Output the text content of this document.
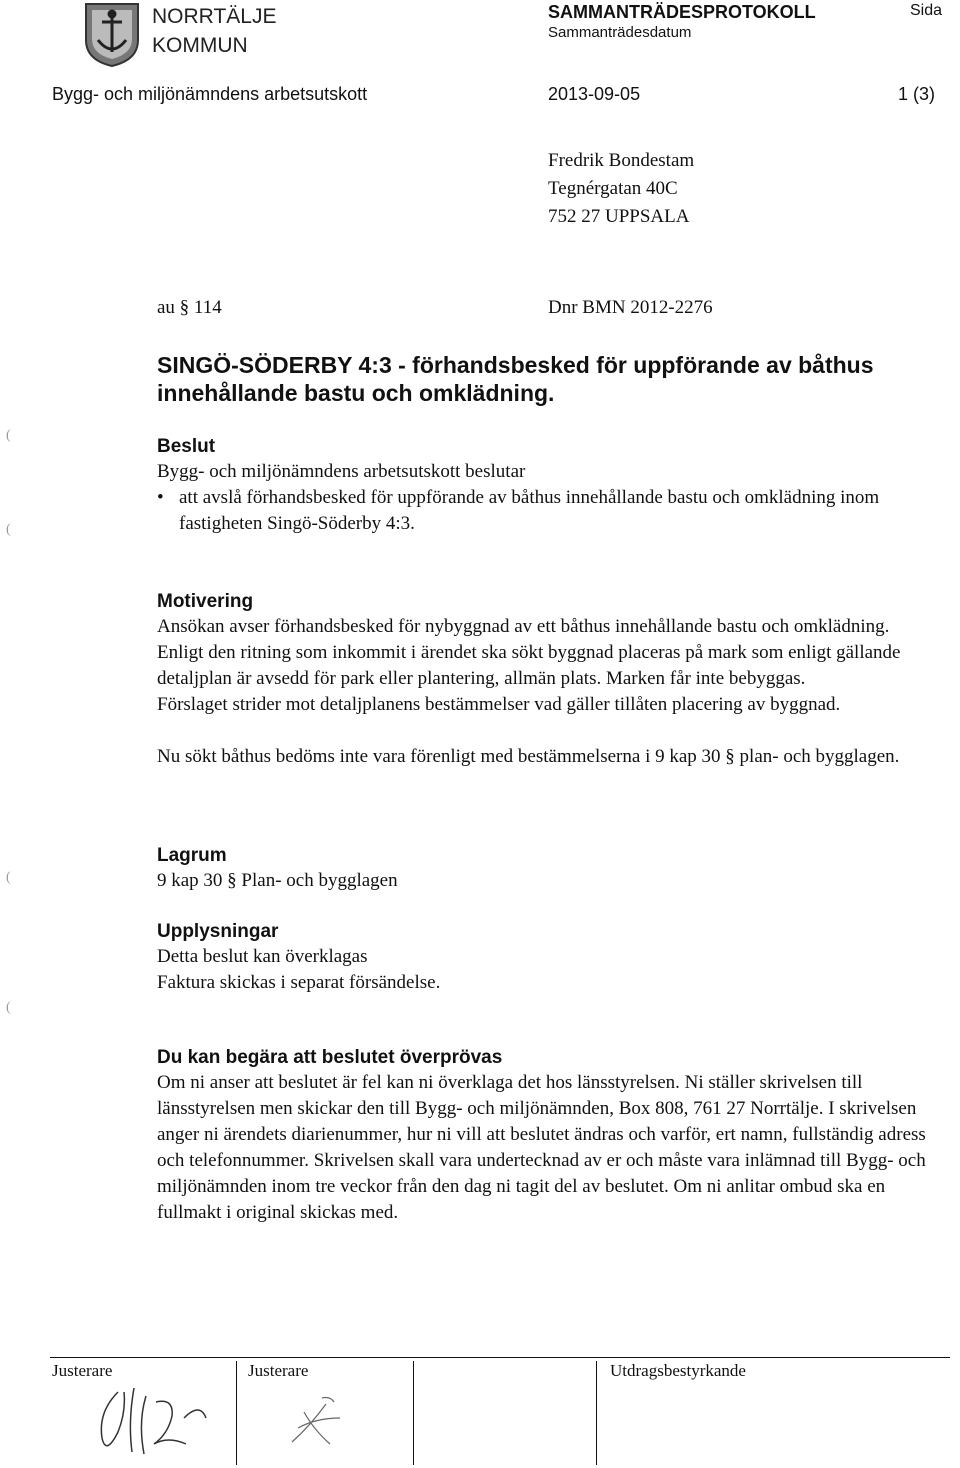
NORRTÄLJE
KOMMUN
SAMMANTRÄDESPROTOKOLL
Sammanträdesdatum
Sida
Bygg- och miljönämndens arbetsutskott	2013-09-05	1 (3)
Fredrik Bondestam
Tegnérgatan 40C
752 27 UPPSALA
au § 114	Dnr BMN 2012-2276
SINGÖ-SÖDERBY 4:3 - förhandsbesked för uppförande av båthus innehållande bastu och omklädning.
Beslut

Bygg- och miljönämndens arbetsutskott beslutar

• att avslå förhandsbesked för uppförande av båthus innehållande bastu och omklädning inom fastigheten Singö-Söderby 4:3.
Motivering

Ansökan avser förhandsbesked för nybyggnad av ett båthus innehållande bastu och omklädning. Enligt den ritning som inkommit i ärendet ska sökt byggnad placeras på mark som enligt gällande detaljplan är avsedd för park eller plantering, allmän plats. Marken får inte bebyggas.

Förslaget strider mot detaljplanens bestämmelser vad gäller tillåten placering av byggnad.

Nu sökt båthus bedöms inte vara förenligt med bestämmelserna i 9 kap 30 § plan- och bygglagen.

Lagrum

9 kap 30 § Plan- och bygglagen

Upplysningar

Detta beslut kan överklagas

Faktura skickas i separat försändelse.

Du kan begära att beslutet överprövas

Om ni anser att beslutet är fel kan ni överklaga det hos länsstyrelsen. Ni ställer skrivelsen till länsstyrelsen men skickar den till Bygg- och miljönämnden, Box 808, 761 27 Norrtälje. I skrivelsen anger ni ärendets diarienummer, hur ni vill att beslutet ändras och varför, ert namn, fullständig adress och telefonnummer. Skrivelsen skall vara undertecknad av er och måste vara inlämnad till Bygg- och miljönämnden inom tre veckor från den dag ni tagit del av beslutet. Om ni anlitar ombud ska en fullmakt i original skickas med.

(
(
(
(
Justerare	Justerare	Utdragsbestyrkande
